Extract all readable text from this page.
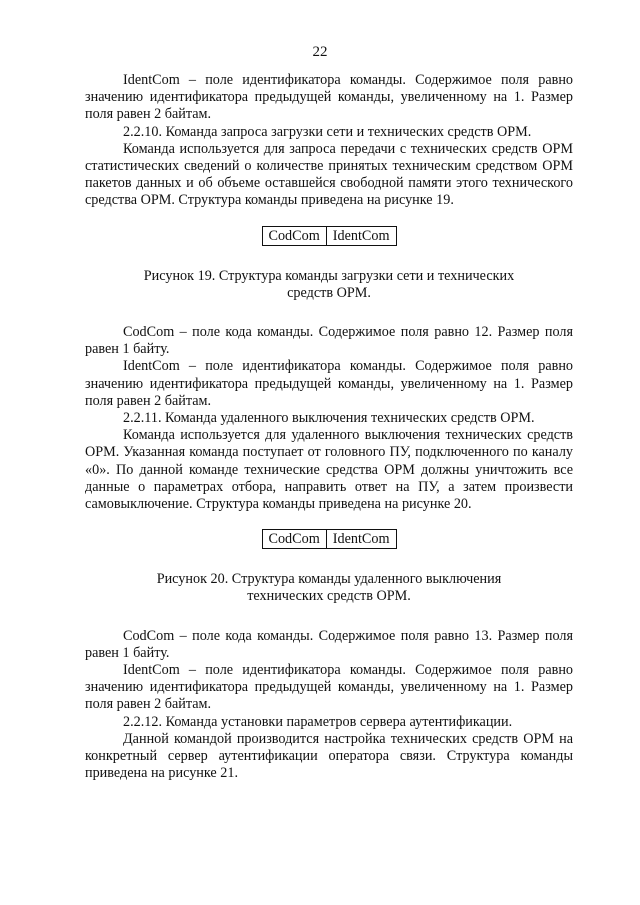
22

IdentCom – поле идентификатора команды. Содержимое поля равно значению идентификатора предыдущей команды, увеличенному на 1. Размер поля равен 2 байтам.

2.2.10. Команда запроса загрузки сети и технических средств ОРМ.

Команда используется для запроса передачи с технических средств ОРМ статистических сведений о количестве принятых техническим средством ОРМ пакетов данных и об объеме оставшейся свободной памяти этого технического средства ОРМ. Структура команды приведена на рисунке 19.

CodCom	IdentCom

Рисунок 19. Структура команды загрузки сети и технических средств ОРМ.

CodCom – поле кода команды. Содержимое поля равно 12. Размер поля равен 1 байту.

IdentCom – поле идентификатора команды. Содержимое поля равно значению идентификатора предыдущей команды, увеличенному на 1. Размер поля равен 2 байтам.

2.2.11. Команда удаленного выключения технических средств ОРМ.

Команда используется для удаленного выключения технических средств ОРМ. Указанная команда поступает от головного ПУ, подключенного по каналу «0». По данной команде технические средства ОРМ должны уничтожить все данные о параметрах отбора, направить ответ на ПУ, а затем произвести самовыключение. Структура команды приведена на рисунке 20.

CodCom	IdentCom

Рисунок 20. Структура команды удаленного выключения технических средств ОРМ.

CodCom – поле кода команды. Содержимое поля равно 13. Размер поля равен 1 байту.

IdentCom – поле идентификатора команды. Содержимое поля равно значению идентификатора предыдущей команды, увеличенному на 1. Размер поля равен 2 байтам.

2.2.12. Команда установки параметров сервера аутентификации.

Данной командой производится настройка технических средств ОРМ на конкретный сервер аутентификации оператора связи. Структура команды приведена на рисунке 21.
